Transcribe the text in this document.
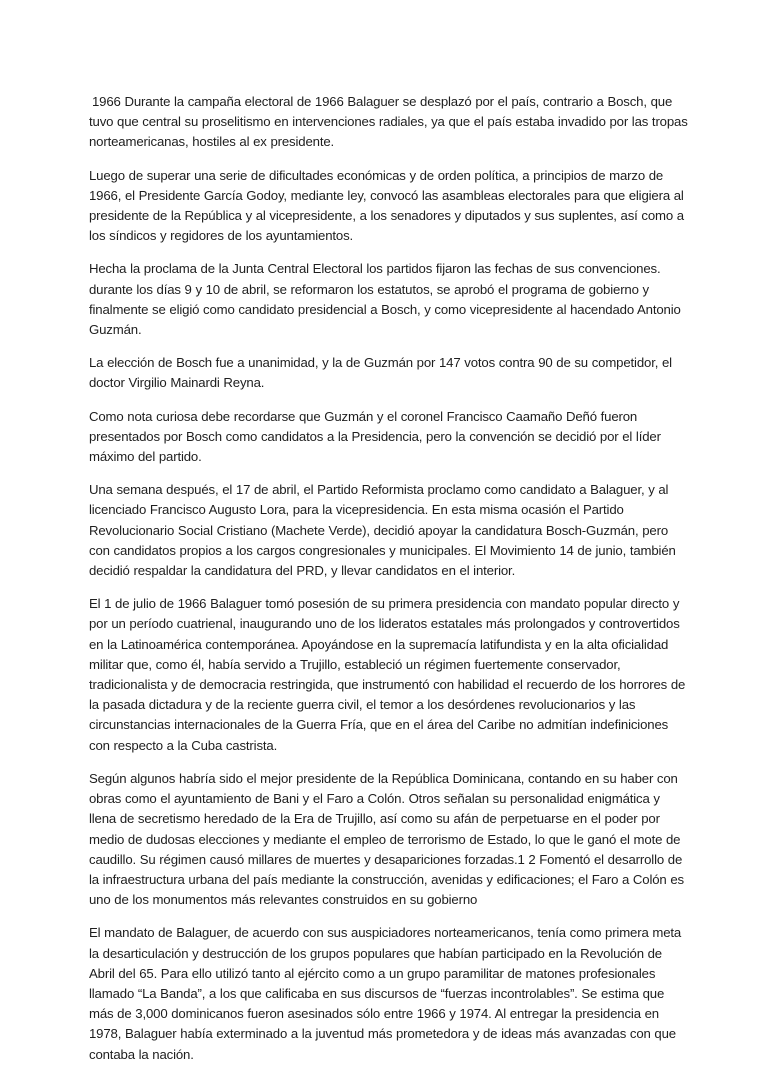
1966 Durante la campaña electoral de 1966 Balaguer se desplazó por el país, contrario a Bosch, que tuvo que central su proselitismo en intervenciones radiales, ya que el país estaba invadido por las tropas norteamericanas, hostiles al ex presidente.

Luego de superar una serie de dificultades económicas y de orden política, a principios de marzo de 1966, el Presidente García Godoy, mediante ley, convocó las asambleas electorales para que eligiera al presidente de la República y al vicepresidente, a los senadores y diputados y sus suplentes, así como a los síndicos y regidores de los ayuntamientos.

Hecha la proclama de la Junta Central Electoral los partidos fijaron las fechas de sus convenciones. durante los días 9 y 10 de abril, se reformaron los estatutos, se aprobó el programa de gobierno y finalmente se eligió como candidato presidencial a Bosch, y como vicepresidente al hacendado Antonio Guzmán.

La elección de Bosch fue a unanimidad, y la de Guzmán por 147 votos contra 90 de su competidor, el doctor Virgilio Mainardi Reyna.

Como nota curiosa debe recordarse que Guzmán y el coronel Francisco Caamaño Deñó fueron presentados por Bosch como candidatos a la Presidencia, pero la convención se decidió por el líder máximo del partido.

Una semana después, el 17 de abril, el Partido Reformista proclamo como candidato a Balaguer, y al licenciado Francisco Augusto Lora, para la vicepresidencia. En esta misma ocasión el Partido Revolucionario Social Cristiano (Machete Verde), decidió apoyar la candidatura Bosch-Guzmán, pero con candidatos propios a los cargos congresionales y municipales. El Movimiento 14 de junio, también decidió respaldar la candidatura del PRD, y llevar candidatos en el interior.

El 1 de julio de 1966 Balaguer tomó posesión de su primera presidencia con mandato popular directo y por un período cuatrienal, inaugurando uno de los lideratos estatales más prolongados y controvertidos en la Latinoamérica contemporánea. Apoyándose en la supremacía latifundista y en la alta oficialidad militar que, como él, había servido a Trujillo, estableció un régimen fuertemente conservador, tradicionalista y de democracia restringida, que instrumentó con habilidad el recuerdo de los horrores de la pasada dictadura y de la reciente guerra civil, el temor a los desórdenes revolucionarios y las circunstancias internacionales de la Guerra Fría, que en el área del Caribe no admitían indefiniciones con respecto a la Cuba castrista.

Según algunos habría sido el mejor presidente de la República Dominicana, contando en su haber con obras como el ayuntamiento de Bani y el Faro a Colón. Otros señalan su personalidad enigmática y llena de secretismo heredado de la Era de Trujillo, así como su afán de perpetuarse en el poder por medio de dudosas elecciones y mediante el empleo de terrorismo de Estado, lo que le ganó el mote de caudillo. Su régimen causó millares de muertes y desapariciones forzadas.1 2 Fomentó el desarrollo de la infraestructura urbana del país mediante la construcción, avenidas y edificaciones; el Faro a Colón es uno de los monumentos más relevantes construidos en su gobierno

El mandato de Balaguer, de acuerdo con sus auspiciadores norteamericanos, tenía como primera meta la desarticulación y destrucción de los grupos populares que habían participado en la Revolución de Abril del 65. Para ello utilizó tanto al ejército como a un grupo paramilitar de matones profesionales llamado “La Banda”, a los que calificaba en sus discursos de “fuerzas incontrolables”. Se estima que más de 3,000 dominicanos fueron asesinados sólo entre 1966 y 1974. Al entregar la presidencia en 1978, Balaguer había exterminado a la juventud más prometedora y de ideas más avanzadas con que contaba la nación.
